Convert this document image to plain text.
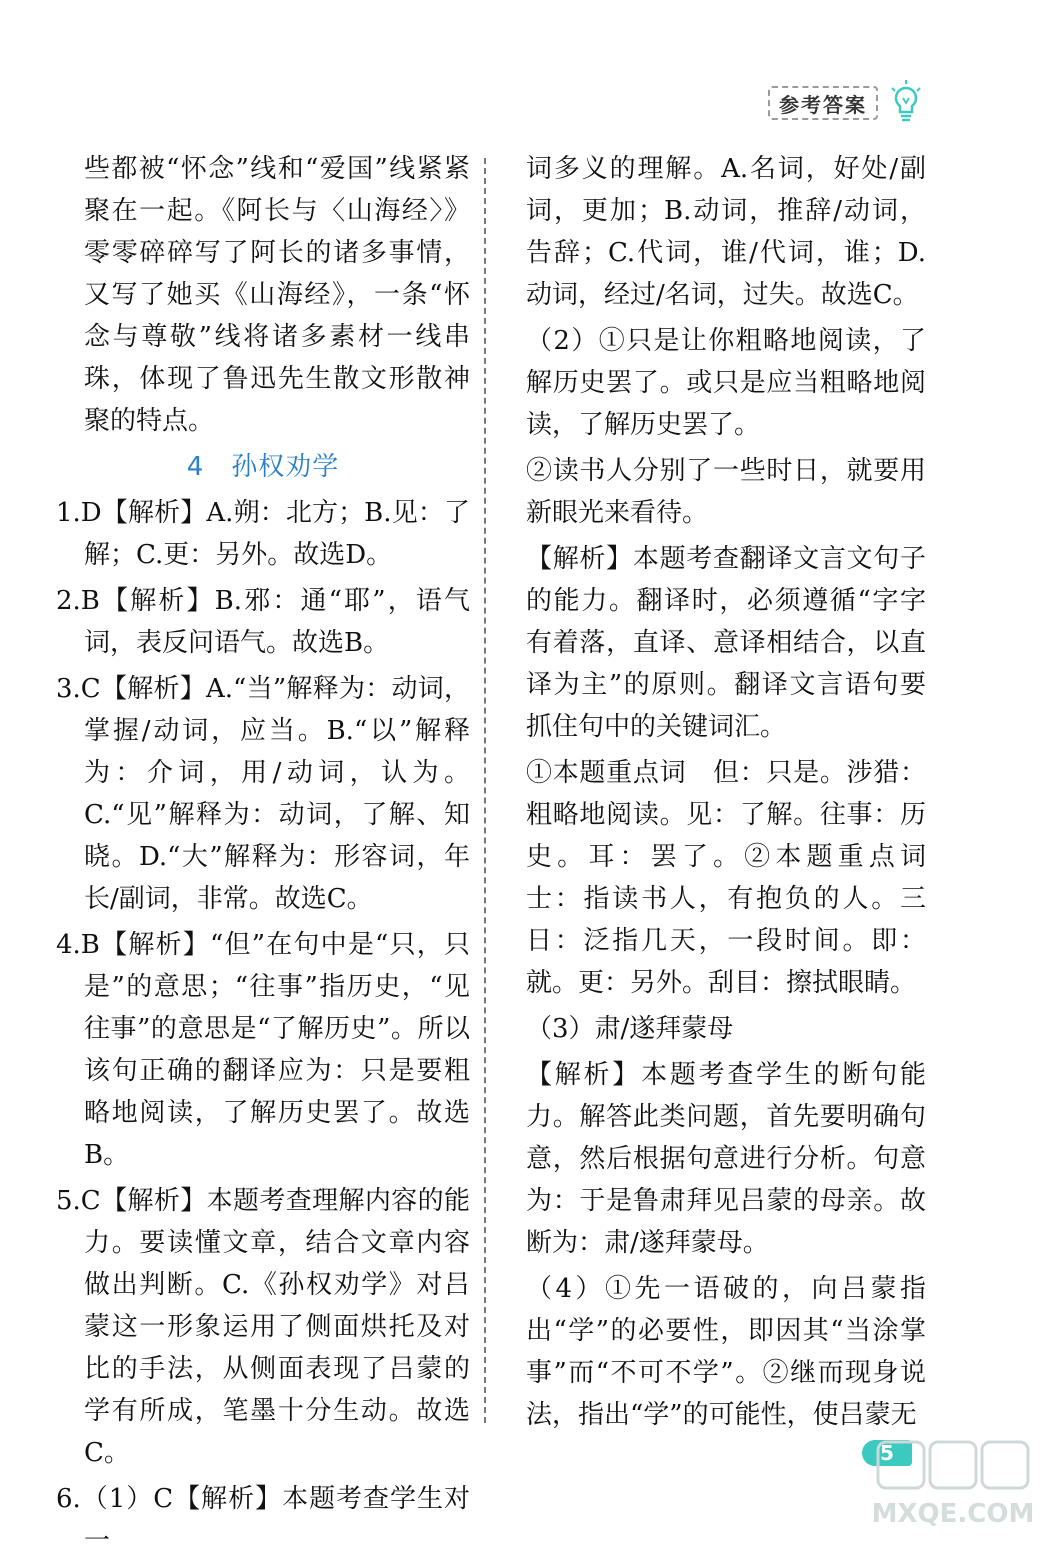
参考答案

些都被“怀念”线和“爱国”线紧紧聚在一起。《阿长与〈山海经〉》零零碎碎写了阿长的诸多事情，又写了她买《山海经》，一条“怀念与尊敬”线将诸多素材一线串珠，体现了鲁迅先生散文形散神聚的特点。

4　孙权劝学

1.D【解析】A.朔：北方；B.见：了解；C.更：另外。故选D。

2.B【解析】B.邪：通“耶”，语气词，表反问语气。故选B。

3.C【解析】A.“当”解释为：动词，掌握/动词，应当。B.“以”解释为：介词，用/动词，认为。C.“见”解释为：动词，了解、知晓。D.“大”解释为：形容词，年长/副词，非常。故选C。

4.B【解析】“但”在句中是“只，只是”的意思；“往事”指历史，“见往事”的意思是“了解历史”。所以该句正确的翻译应为：只是要粗略地阅读，了解历史罢了。故选B。

5.C【解析】本题考查理解内容的能力。要读懂文章，结合文章内容做出判断。C.《孙权劝学》对吕蒙这一形象运用了侧面烘托及对比的手法，从侧面表现了吕蒙的学有所成，笔墨十分生动。故选C。

6.（1）C【解析】本题考查学生对一

词多义的理解。A.名词，好处/副词，更加；B.动词，推辞/动词，告辞；C.代词，谁/代词，谁；D.动词，经过/名词，过失。故选C。

（2）①只是让你粗略地阅读，了解历史罢了。或只是应当粗略地阅读，了解历史罢了。

②读书人分别了一些时日，就要用新眼光来看待。

【解析】本题考查翻译文言文句子的能力。翻译时，必须遵循“字字有着落，直译、意译相结合，以直译为主”的原则。翻译文言语句要抓住句中的关键词汇。

①本题重点词　但：只是。涉猎：粗略地阅读。见：了解。往事：历史。耳：罢了。②本题重点词　士：指读书人，有抱负的人。三日：泛指几天，一段时间。即：就。更：另外。刮目：擦拭眼睛。

（3）肃/遂拜蒙母

【解析】本题考查学生的断句能力。解答此类问题，首先要明确句意，然后根据句意进行分析。句意为：于是鲁肃拜见吕蒙的母亲。故断为：肃/遂拜蒙母。

（4）①先一语破的，向吕蒙指出“学”的必要性，即因其“当涂掌事”而“不可不学”。②继而现身说法，指出“学”的可能性，使吕蒙无

5
MXQE.COM
